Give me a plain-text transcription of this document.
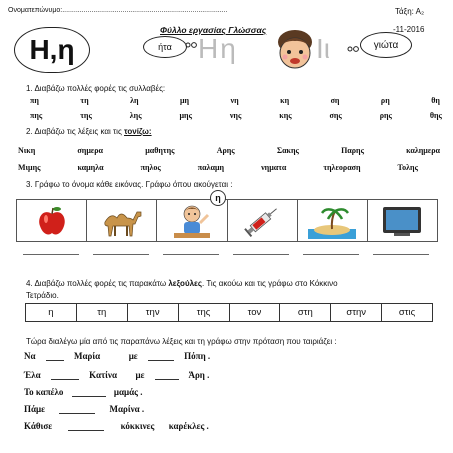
Ονοματεπώνυμο:.....................................................................................	Τάξη: Α₂
Φύλλο εργασίας Γλώσσας	-11-2016
Η,η	ήτα Ηη	Ιι	γιώτα
1. Διαβάζω πολλές φορές τις συλλαβές:
πη	τη	λη	μη	νη	κη	ση	ρη	θη
πης	της	λης	μης	νης	κης	σης	ρης	θης
2. Διαβάζω τις λέξεις και τις τονίζω:
Νικη	σημερα	μαθητης	Αρης	Σακης	Παρης	καλημερα
Μιμης	καμηλα	πηλος	παλαμη	νηματα	τηλεοραση	Τολης
3. Γράφω το όνομα κάθε εικόνας. Γράφω όπου ακούγεται :
η
4. Διαβάζω πολλές φορές τις παρακάτω λεξούλες. Τις ακούω και τις γράφω στο Κόκκινο
Τετράδιο.
η	τη	την	της	τον	στη	στην	στις
Τώρα διαλέγω μία από τις παραπάνω λέξεις και τη γράφω στην πρόταση που ταιριάζει :
Να	Μαρία	με	Πόπη .
Έλα	Κατίνα με	Άρη .
Το καπέλο	μαμάς .
Πάμε	Μαρίνα .
Κάθισε	κόκκινες καρέκλες .
